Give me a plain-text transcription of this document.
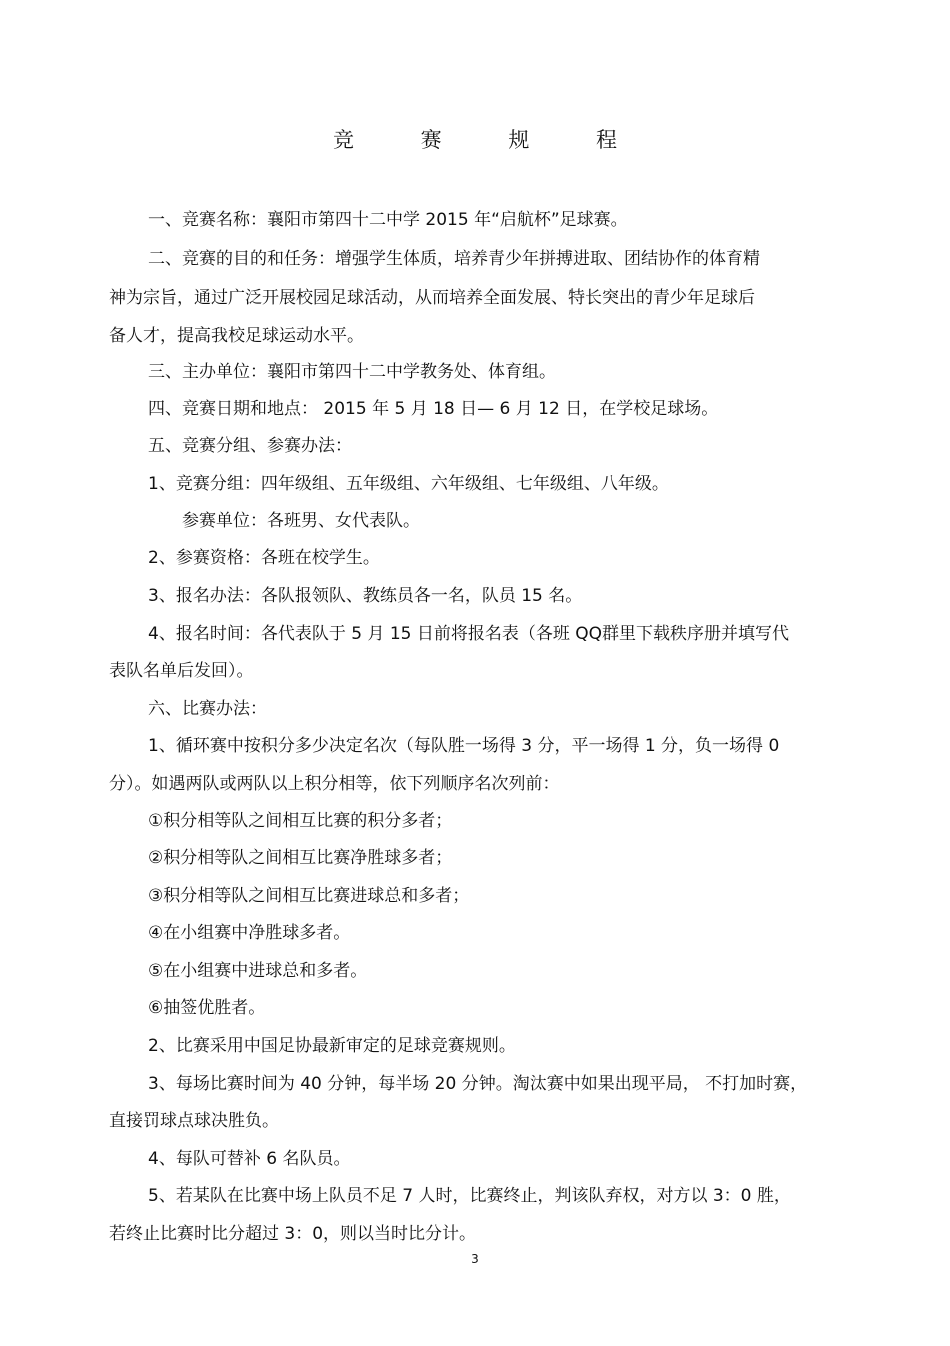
竞 赛 规 程

一、竞赛名称：襄阳市第四十二中学 2015 年“启航杯”足球赛。

二、竞赛的目的和任务：增强学生体质，培养青少年拼搏进取、团结协作的体育精

神为宗旨，通过广泛开展校园足球活动，从而培养全面发展、特长突出的青少年足球后

备人才，提高我校足球运动水平。

三、主办单位：襄阳市第四十二中学教务处、体育组。

四、竞赛日期和地点： 2015 年 5 月 18 日— 6 月 12 日，在学校足球场。

五、竞赛分组、参赛办法：

1、竞赛分组：四年级组、五年级组、六年级组、七年级组、八年级。

参赛单位：各班男、女代表队。

2、参赛资格：各班在校学生。

3、报名办法：各队报领队、教练员各一名，队员 15 名。

4、报名时间：各代表队于 5 月 15 日前将报名表（各班 QQ群里下载秩序册并填写代

表队名单后发回）。

六、比赛办法：

1、循环赛中按积分多少决定名次（每队胜一场得 3 分，平一场得 1 分，负一场得 0

分）。如遇两队或两队以上积分相等，依下列顺序名次列前：

①积分相等队之间相互比赛的积分多者；

②积分相等队之间相互比赛净胜球多者；

③积分相等队之间相互比赛进球总和多者；

④在小组赛中净胜球多者。

⑤在小组赛中进球总和多者。

⑥抽签优胜者。

2、比赛采用中国足协最新审定的足球竞赛规则。

3、每场比赛时间为 40 分钟，每半场 20 分钟。淘汰赛中如果出现平局， 不打加时赛，

直接罚球点球决胜负。

4、每队可替补 6 名队员。

5、若某队在比赛中场上队员不足 7 人时，比赛终止，判该队弃权，对方以 3：0 胜，

若终止比赛时比分超过 3：0，则以当时比分计。

3
